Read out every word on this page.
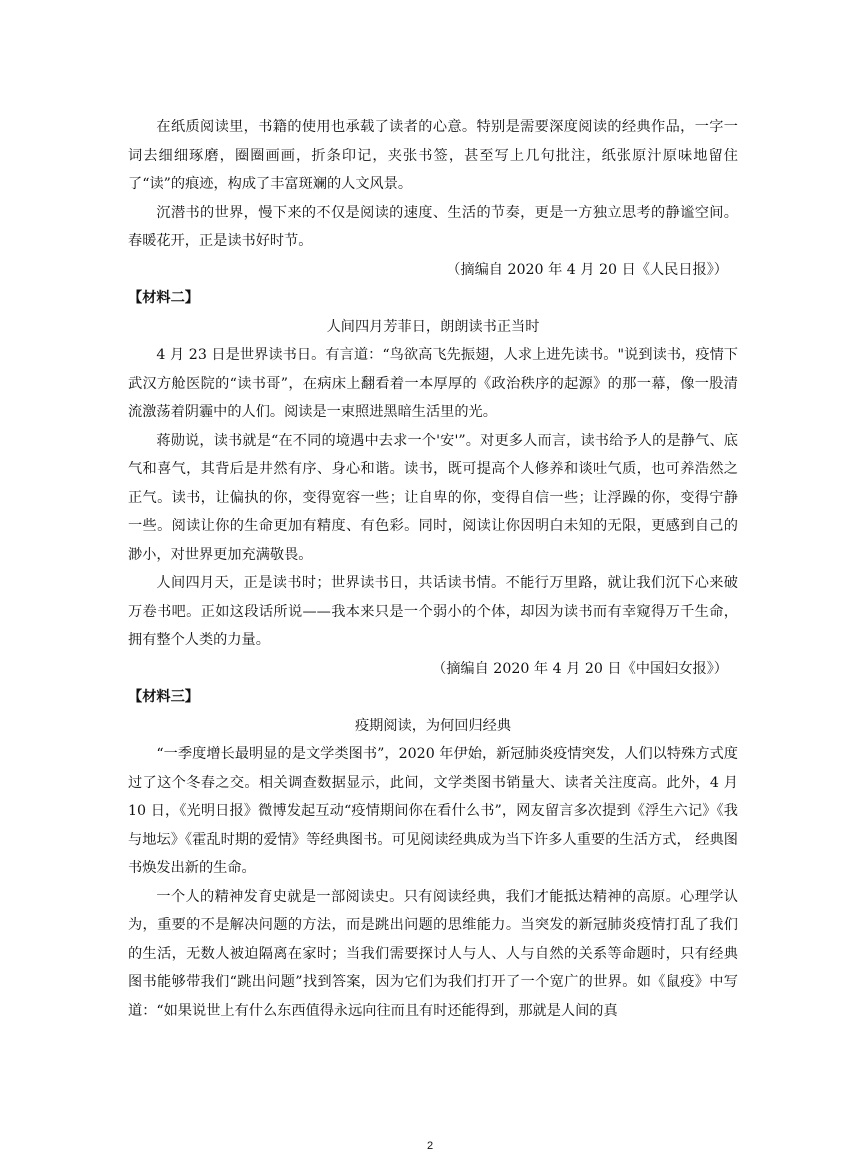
在纸质阅读里，书籍的使用也承载了读者的心意。特别是需要深度阅读的经典作品，一字一词去细细琢磨，圈圈画画，折条印记，夹张书签，甚至写上几句批注，纸张原汁原味地留住了“读”的痕迹，构成了丰富斑斓的人文风景。

沉潜书的世界，慢下来的不仅是阅读的速度、生活的节奏，更是一方独立思考的静谧空间。春暖花开，正是读书好时节。

（摘编自 2020 年 4 月 20 日《人民日报》）

【材料二】

人间四月芳菲日，朗朗读书正当时

4 月 23 日是世界读书日。有言道：“鸟欲高飞先振翅，人求上进先读书。"说到读书，疫情下武汉方舱医院的“读书哥”，在病床上翻看着一本厚厚的《政治秩序的起源》的那一幕，像一股清流激荡着阴霾中的人们。阅读是一束照进黑暗生活里的光。

蒋勋说，读书就是“在不同的境遇中去求一个'安'”。对更多人而言，读书给予人的是静气、底气和喜气，其背后是井然有序、身心和谐。读书，既可提高个人修养和谈吐气质，也可养浩然之正气。读书，让偏执的你，变得宽容一些；让自卑的你，变得自信一些；让浮躁的你，变得宁静一些。阅读让你的生命更加有精度、有色彩。同时，阅读让你因明白未知的无限，更感到自己的渺小，对世界更加充满敬畏。

人间四月天，正是读书时；世界读书日，共话读书情。不能行万里路，就让我们沉下心来破万卷书吧。正如这段话所说——我本来只是一个弱小的个体，却因为读书而有幸窥得万千生命，拥有整个人类的力量。

（摘编自 2020 年 4 月 20 日《中国妇女报》）

【材料三】

疫期阅读，为何回归经典

“一季度增长最明显的是文学类图书”，2020 年伊始，新冠肺炎疫情突发，人们以特殊方式度过了这个冬春之交。相关调查数据显示，此间，文学类图书销量大、读者关注度高。此外，4 月 10 日，《光明日报》微博发起互动“疫情期间你在看什么书”，网友留言多次提到《浮生六记》《我与地坛》《霍乱时期的爱情》等经典图书。可见阅读经典成为当下许多人重要的生活方式， 经典图书焕发出新的生命。

一个人的精神发育史就是一部阅读史。只有阅读经典，我们才能抵达精神的高原。心理学认为，重要的不是解决问题的方法，而是跳出问题的思维能力。当突发的新冠肺炎疫情打乱了我们的生活，无数人被迫隔离在家时；当我们需要探讨人与人、人与自然的关系等命题时，只有经典图书能够带我们“跳出问题”找到答案，因为它们为我们打开了一个宽广的世界。如《鼠疫》中写道：“如果说世上有什么东西值得永远向往而且有时还能得到，那就是人间的真

2
